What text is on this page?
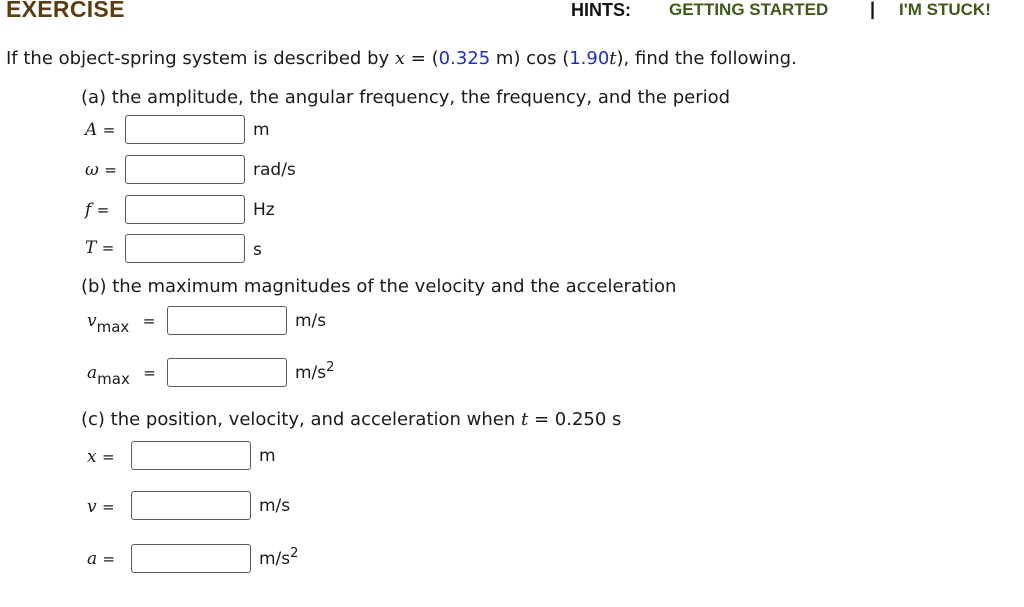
EXERCISE	HINTS: GETTING STARTED | I'M STUCK!
If the object-spring system is described by x = (0.325 m) cos (1.90t), find the following.
(a) the amplitude, the angular frequency, the frequency, and the period
A =	m
ω =	rad/s
f =	Hz
T =	s
(b) the maximum magnitudes of the velocity and the acceleration
$v_{max}$ =	m/s
$a_{max}$ =	$m/s^2$
(c) the position, velocity, and acceleration when t = 0.250 s
x =	m
v =	m/s
a =	$m/s^2$
